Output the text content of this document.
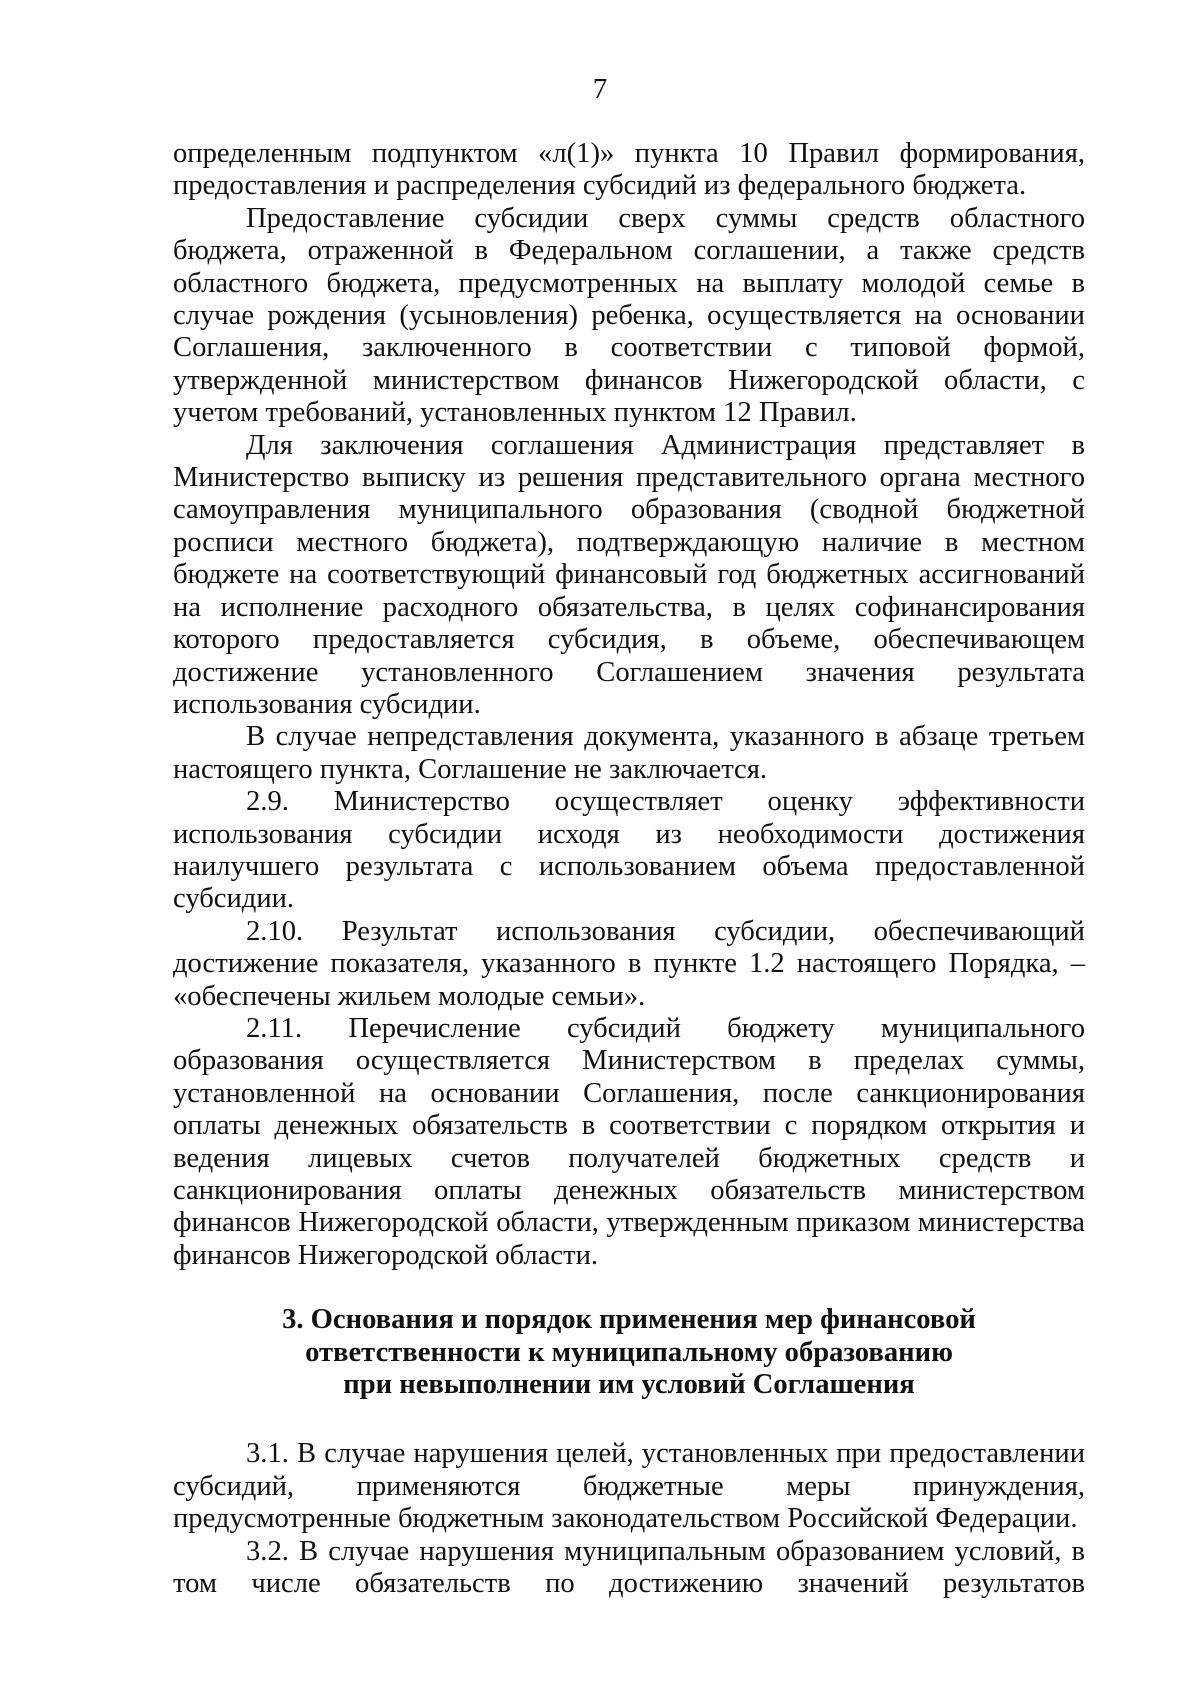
7

определенным подпунктом «л(1)» пункта 10 Правил формирования, предоставления и распределения субсидий из федерального бюджета.

Предоставление субсидии сверх суммы средств областного бюджета, отраженной в Федеральном соглашении, а также средств областного бюджета, предусмотренных на выплату молодой семье в случае рождения (усыновления) ребенка, осуществляется на основании Соглашения, заключенного в соответствии с типовой формой, утвержденной министерством финансов Нижегородской области, с учетом требований, установленных пунктом 12 Правил.

Для заключения соглашения Администрация представляет в Министерство выписку из решения представительного органа местного самоуправления муниципального образования (сводной бюджетной росписи местного бюджета), подтверждающую наличие в местном бюджете на соответствующий финансовый год бюджетных ассигнований на исполнение расходного обязательства, в целях софинансирования которого предоставляется субсидия, в объеме, обеспечивающем достижение установленного Соглашением значения результата использования субсидии.

В случае непредставления документа, указанного в абзаце третьем настоящего пункта, Соглашение не заключается.

2.9. Министерство осуществляет оценку эффективности использования субсидии исходя из необходимости достижения наилучшего результата с использованием объема предоставленной субсидии.

2.10. Результат использования субсидии, обеспечивающий достижение показателя, указанного в пункте 1.2 настоящего Порядка, – «обеспечены жильем молодые семьи».

2.11. Перечисление субсидий бюджету муниципального образования осуществляется Министерством в пределах суммы, установленной на основании Соглашения, после санкционирования оплаты денежных обязательств в соответствии с порядком открытия и ведения лицевых счетов получателей бюджетных средств и санкционирования оплаты денежных обязательств министерством финансов Нижегородской области, утвержденным приказом министерства финансов Нижегородской области.

3. Основания и порядок применения мер финансовой
ответственности к муниципальному образованию
при невыполнении им условий Соглашения

3.1. В случае нарушения целей, установленных при предоставлении субсидий, применяются бюджетные меры принуждения, предусмотренные бюджетным законодательством Российской Федерации.

3.2. В случае нарушения муниципальным образованием условий, в том числе обязательств по достижению значений результатов
